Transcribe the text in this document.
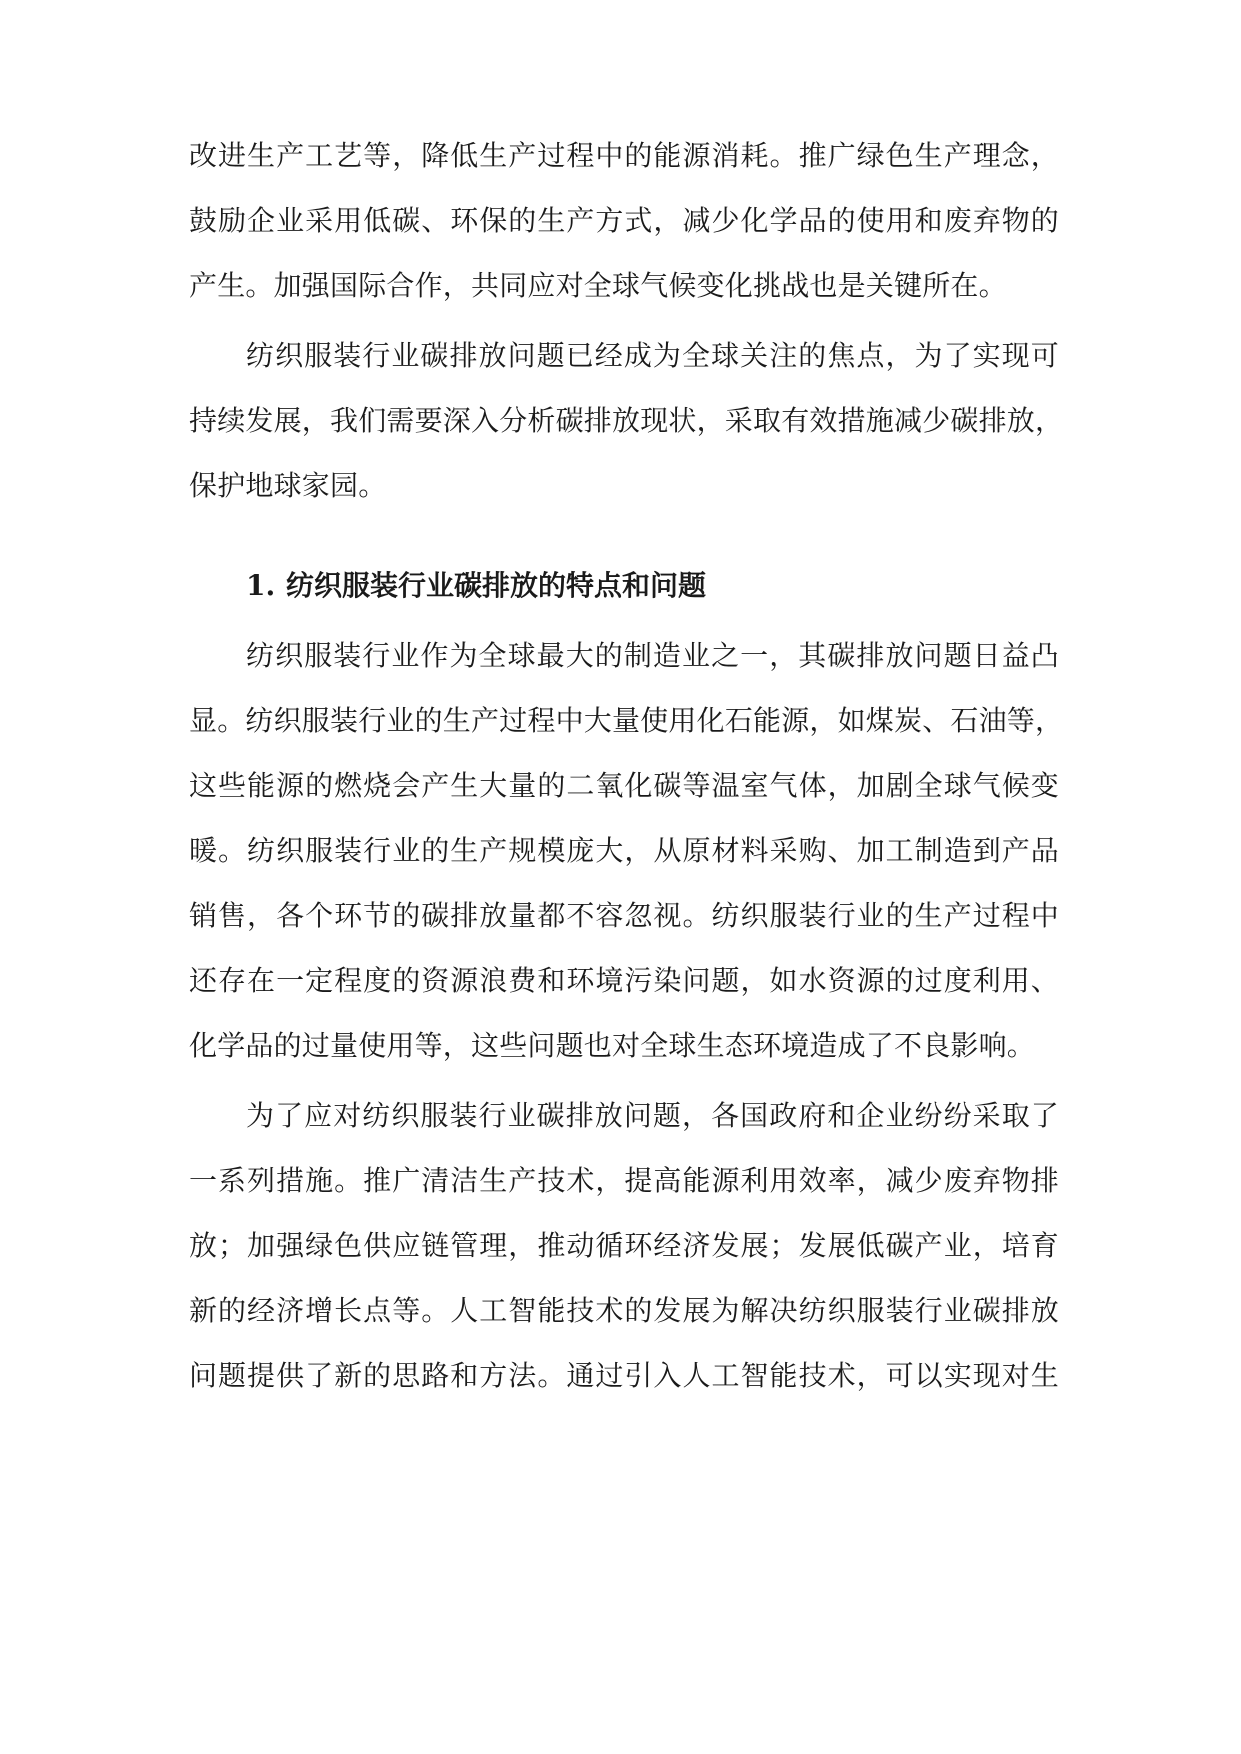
改进生产工艺等，降低生产过程中的能源消耗。推广绿色生产理念，
鼓励企业采用低碳、环保的生产方式，减少化学品的使用和废弃物的
产生。加强国际合作，共同应对全球气候变化挑战也是关键所在。
纺织服装行业碳排放问题已经成为全球关注的焦点，为了实现可
持续发展，我们需要深入分析碳排放现状，采取有效措施减少碳排放，
保护地球家园。
1. 纺织服装行业碳排放的特点和问题
纺织服装行业作为全球最大的制造业之一，其碳排放问题日益凸
显。纺织服装行业的生产过程中大量使用化石能源，如煤炭、石油等，
这些能源的燃烧会产生大量的二氧化碳等温室气体，加剧全球气候变
暖。纺织服装行业的生产规模庞大，从原材料采购、加工制造到产品
销售，各个环节的碳排放量都不容忽视。纺织服装行业的生产过程中
还存在一定程度的资源浪费和环境污染问题，如水资源的过度利用、
化学品的过量使用等，这些问题也对全球生态环境造成了不良影响。
为了应对纺织服装行业碳排放问题，各国政府和企业纷纷采取了
一系列措施。推广清洁生产技术，提高能源利用效率，减少废弃物排
放；加强绿色供应链管理，推动循环经济发展；发展低碳产业，培育
新的经济增长点等。人工智能技术的发展为解决纺织服装行业碳排放
问题提供了新的思路和方法。通过引入人工智能技术，可以实现对生
